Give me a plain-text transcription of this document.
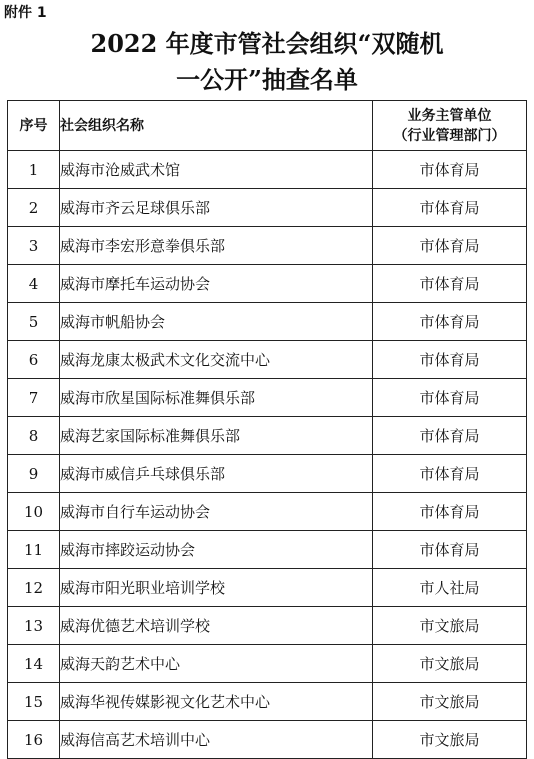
附件 1
2022 年度市管社会组织“双随机
一公开”抽查名单
序号	社会组织名称	业务主管单位
（行业管理部门）

1	威海市沧威武术馆	市体育局
2	威海市齐云足球俱乐部	市体育局
3	威海市李宏形意拳俱乐部	市体育局
4	威海市摩托车运动协会	市体育局
5	威海市帆船协会	市体育局
6	威海龙康太极武术文化交流中心	市体育局
7	威海市欣星国际标准舞俱乐部	市体育局
8	威海艺家国际标准舞俱乐部	市体育局
9	威海市威信乒乓球俱乐部	市体育局
10	威海市自行车运动协会	市体育局
11	威海市摔跤运动协会	市体育局
12	威海市阳光职业培训学校	市人社局
13	威海优德艺术培训学校	市文旅局
14	威海天韵艺术中心	市文旅局
15	威海华视传媒影视文化艺术中心	市文旅局
16	威海信高艺术培训中心	市文旅局
